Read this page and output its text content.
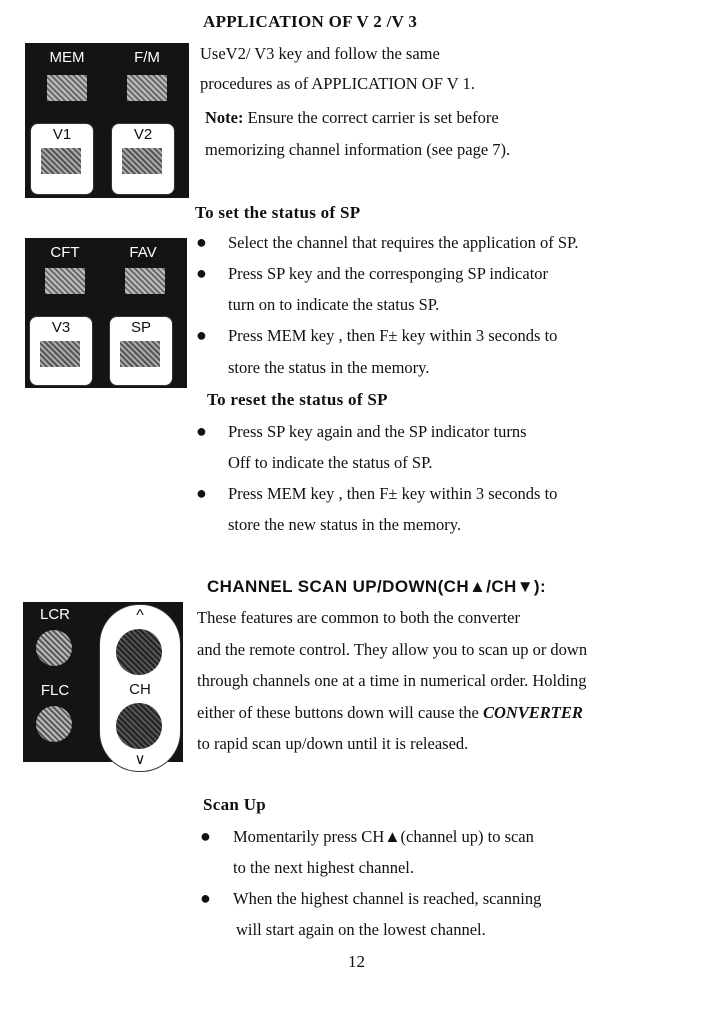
APPLICATION OF V 2 /V 3
UseV2/ V3 key and follow the same
procedures as of APPLICATION OF V 1.
Note: Ensure the correct carrier is set before
memorizing channel information (see page 7).
MEM	F/M
V1	V2
To set the status of SP
● Select the channel that requires the application of SP.
● Press SP key and the corresponging SP indicator
turn on to indicate the status SP.
● Press MEM key , then F± key within 3 seconds to
store the status in the memory.
CFT	FAV
V3	SP
To reset the status of SP
● Press SP key again and the SP indicator turns
Off to indicate the status of SP.
● Press MEM key , then F± key within 3 seconds to
store the new status in the memory.
CHANNEL SCAN UP/DOWN(CH▲/CH▼):
These features are common to both the converter
and the remote control. They allow you to scan up or down
through channels one at a time in numerical order. Holding
either of these buttons down will cause the CONVERTER
to rapid scan up/down until it is released.
LCR
FLC
^
CH
∨
Scan Up
● Momentarily press CH▲(channel up) to scan
to the next highest channel.
● When the highest channel is reached, scanning
will start again on the lowest channel.
12
